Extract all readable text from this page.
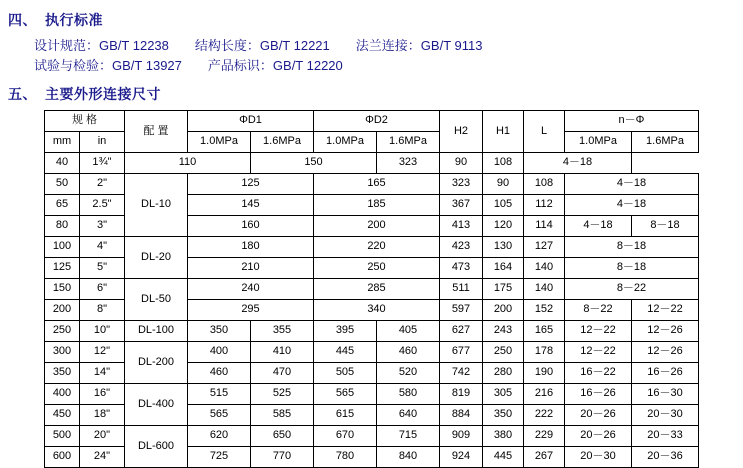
四、 执行标准
设计规范：GB/T 12238 结构长度：GB/T 12221 法兰连接：GB/T 9113
试验与检验：GB/T 13927 产品标识：GB/T 12220
五、 主要外形连接尺寸
规 格		配 置	ΦD1		ΦD2		H2	H1	L	n－Φ	
mm	in		1.0MPa	1.6MPa	1.0MPa	1.6MPa				1.0MPa	1.6MPa
40	1¾"	110		150		323	90	108	4－18		
50	2"	DL-10	125		165		323	90	108	4－18	
65	2.5"		145		185		367	105	112	4－18	
80	3"		160		200		413	120	114	4－18	8－18
100	4"	DL-20	180		220		423	130	127	8－18	
125	5"		210		250		473	164	140	8－18	
150	6"	DL-50	240		285		511	175	140	8－22	
200	8"		295		340		597	200	152	8－22	12－22
250	10"	DL-100	350	355	395	405	627	243	165	12－22	12－26
300	12"	DL-200	400	410	445	460	677	250	178	12－22	12－26
350	14"		460	470	505	520	742	280	190	16－22	16－26
400	16"	DL-400	515	525	565	580	819	305	216	16－26	16－30
450	18"		565	585	615	640	884	350	222	20－26	20－30
500	20"	DL-600	620	650	670	715	909	380	229	20－26	20－33
600	24"		725	770	780	840	924	445	267	20－30	20－36
